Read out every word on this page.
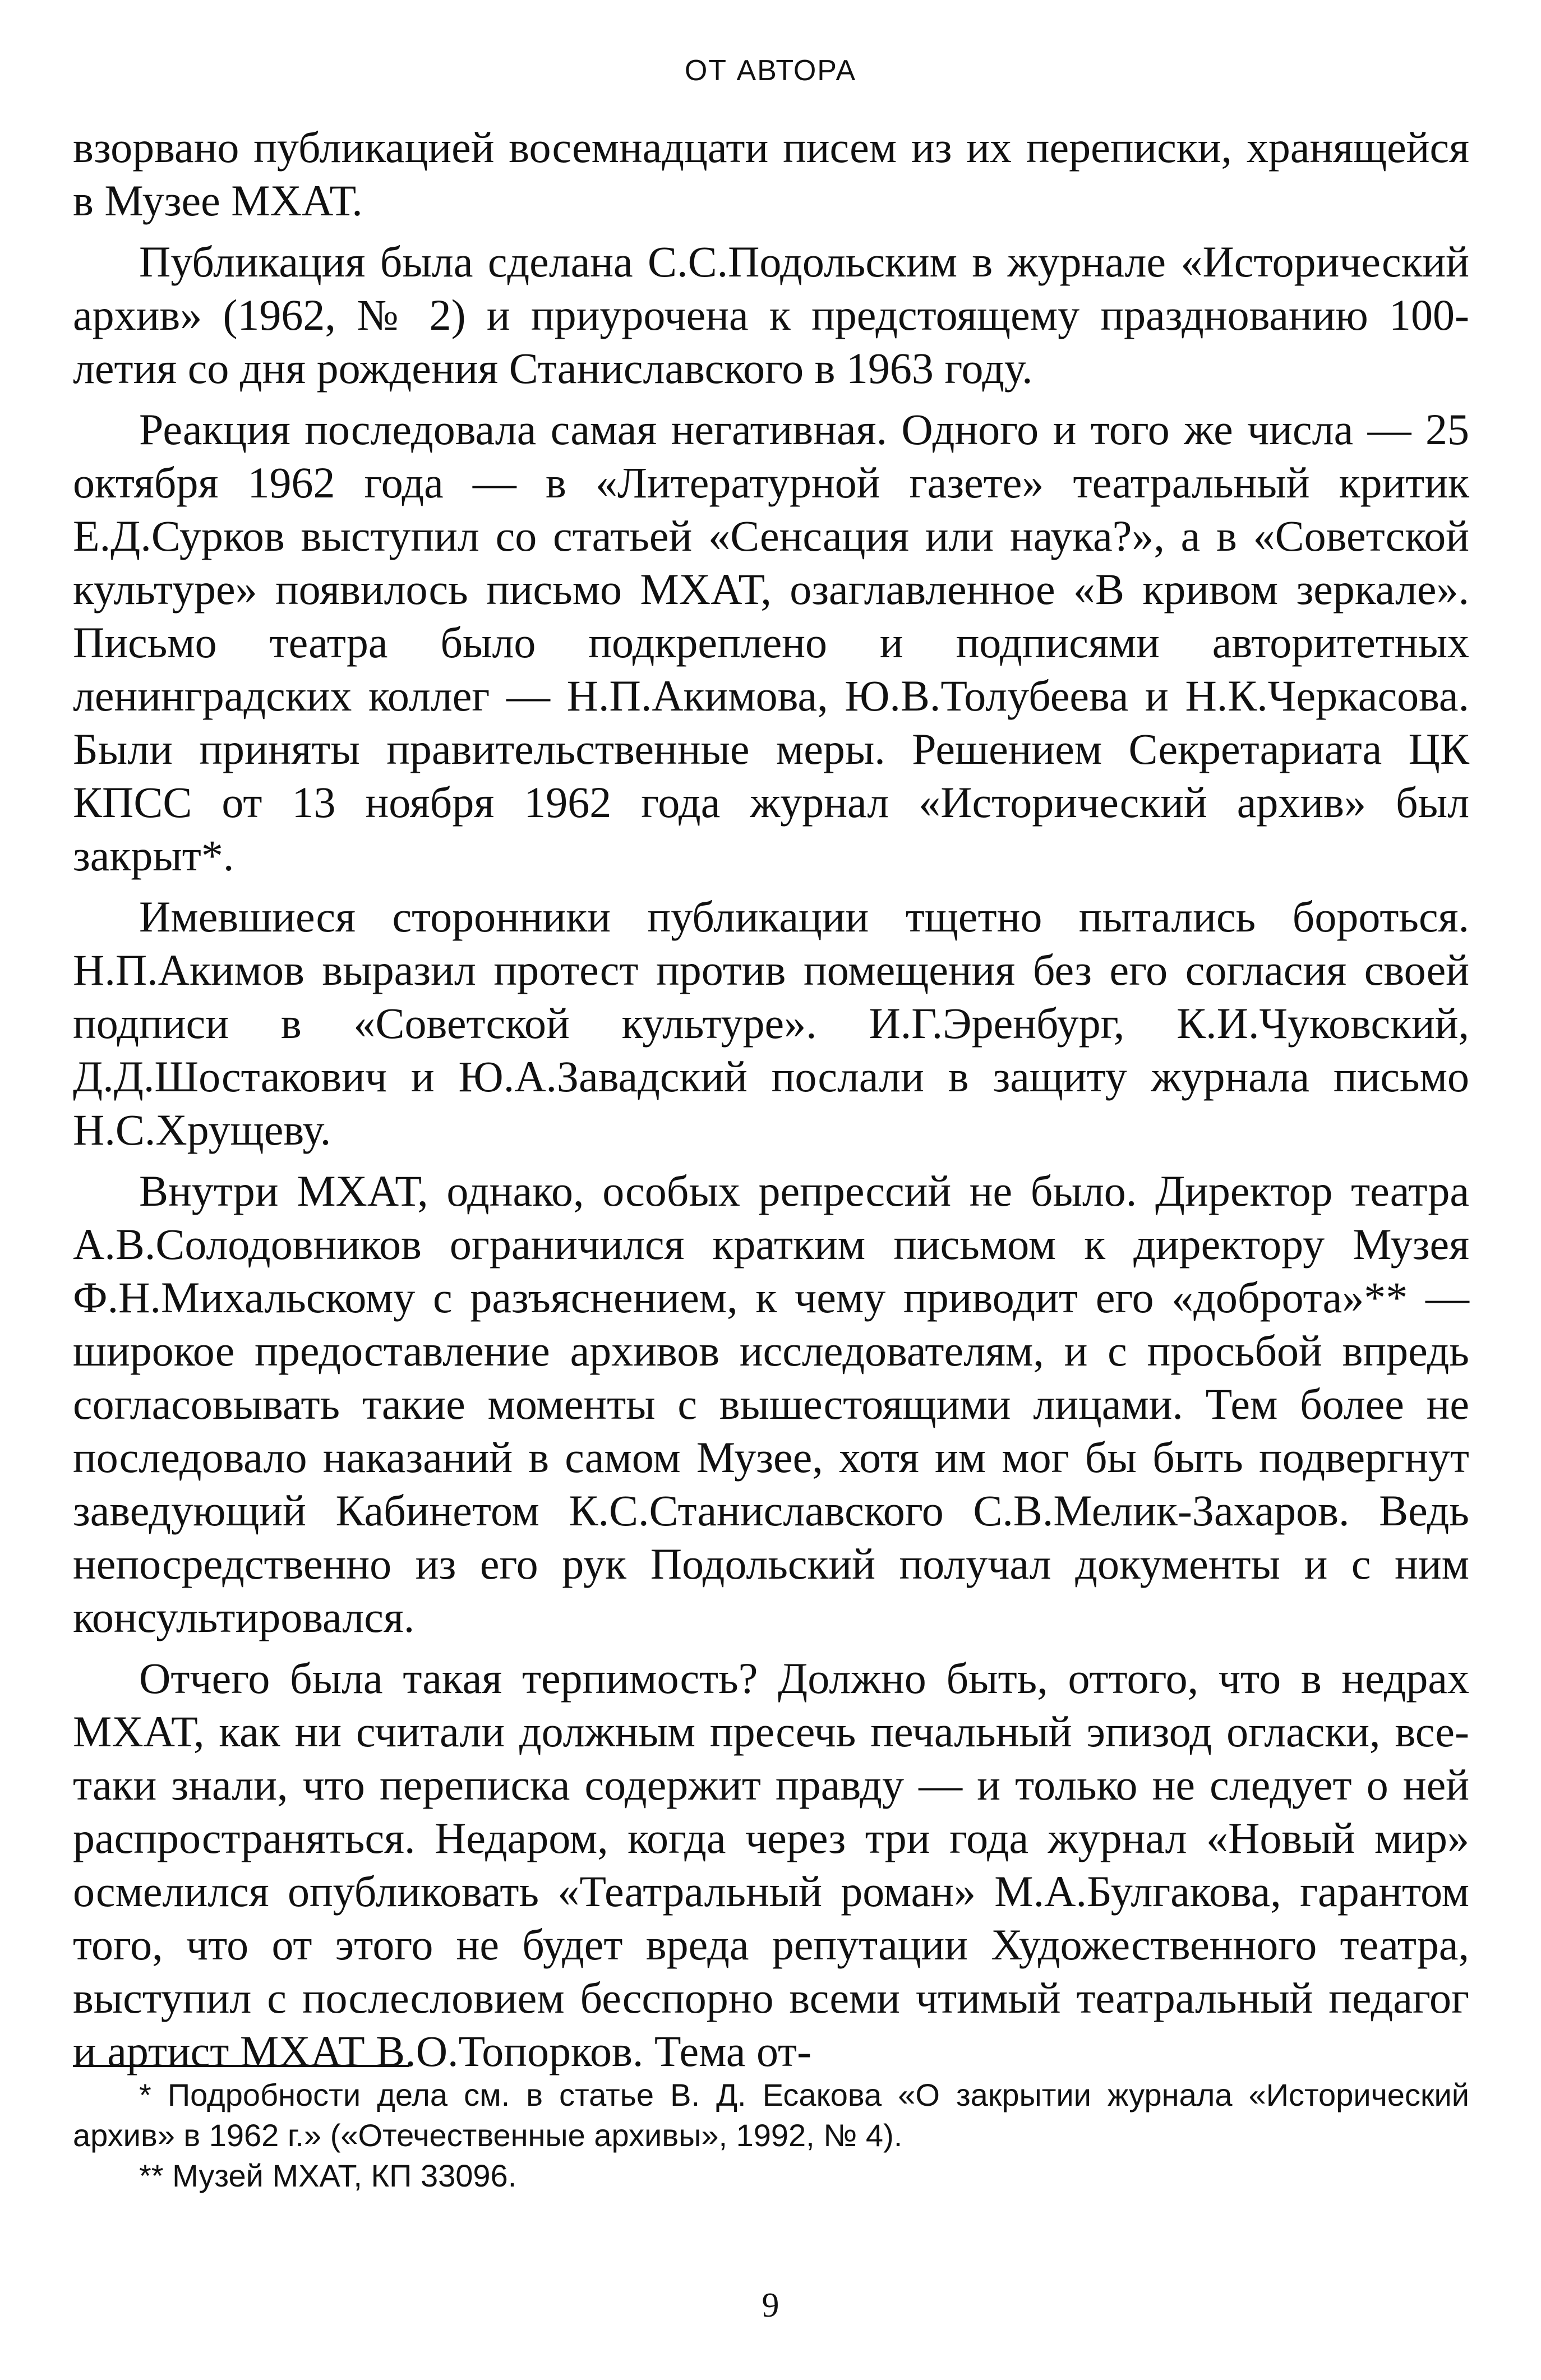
ОТ АВТОРА

взорвано публикацией восемнадцати писем из их переписки, хранящейся в Музее МХАТ.

Публикация была сделана С.С.Подольским в журнале «Исторический архив» (1962, № 2) и приурочена к предстоящему празднованию 100-летия со дня рождения Станиславского в 1963 году.

Реакция последовала самая негативная. Одного и того же числа — 25 октября 1962 года — в «Литературной газете» театральный критик Е.Д.Сурков выступил со статьей «Сенсация или наука?», а в «Советской культуре» появилось письмо МХАТ, озаглавленное «В кривом зеркале». Письмо театра было подкреплено и подписями авторитетных ленинградских коллег — Н.П.Акимова, Ю.В.Толубеева и Н.К.Черкасова. Были приняты правительственные меры. Решением Секретариата ЦК КПСС от 13 ноября 1962 года журнал «Исторический архив» был закрыт*.

Имевшиеся сторонники публикации тщетно пытались бороться. Н.П.Акимов выразил протест против помещения без его согласия своей подписи в «Советской культуре». И.Г.Эренбург, К.И.Чуковский, Д.Д.Шостакович и Ю.А.Завадский послали в защиту журнала письмо Н.С.Хрущеву.

Внутри МХАТ, однако, особых репрессий не было. Директор театра А.В.Солодовников ограничился кратким письмом к директору Музея Ф.Н.Михальскому с разъяснением, к чему приводит его «доброта»** — широкое предоставление архивов исследователям, и с просьбой впредь согласовывать такие моменты с вышестоящими лицами. Тем более не последовало наказаний в самом Музее, хотя им мог бы быть подвергнут заведующий Кабинетом К.С.Станиславского С.В.Мелик-Захаров. Ведь непосредственно из его рук Подольский получал документы и с ним консультировался.

Отчего была такая терпимость? Должно быть, оттого, что в недрах МХАТ, как ни считали должным пресечь печальный эпизод огласки, все-таки знали, что переписка содержит правду — и только не следует о ней распространяться. Недаром, когда через три года журнал «Новый мир» осмелился опубликовать «Театральный роман» М.А.Булгакова, гарантом того, что от этого не будет вреда репутации Художественного театра, выступил с послесловием бесспорно всеми чтимый театральный педагог и артист МХАТ В.О.Топорков. Тема от-

* Подробности дела см. в статье В. Д. Есакова «О закрытии журнала «Исторический архив» в 1962 г.» («Отечественные архивы», 1992, № 4).

** Музей МХАТ, КП 33096.

9
